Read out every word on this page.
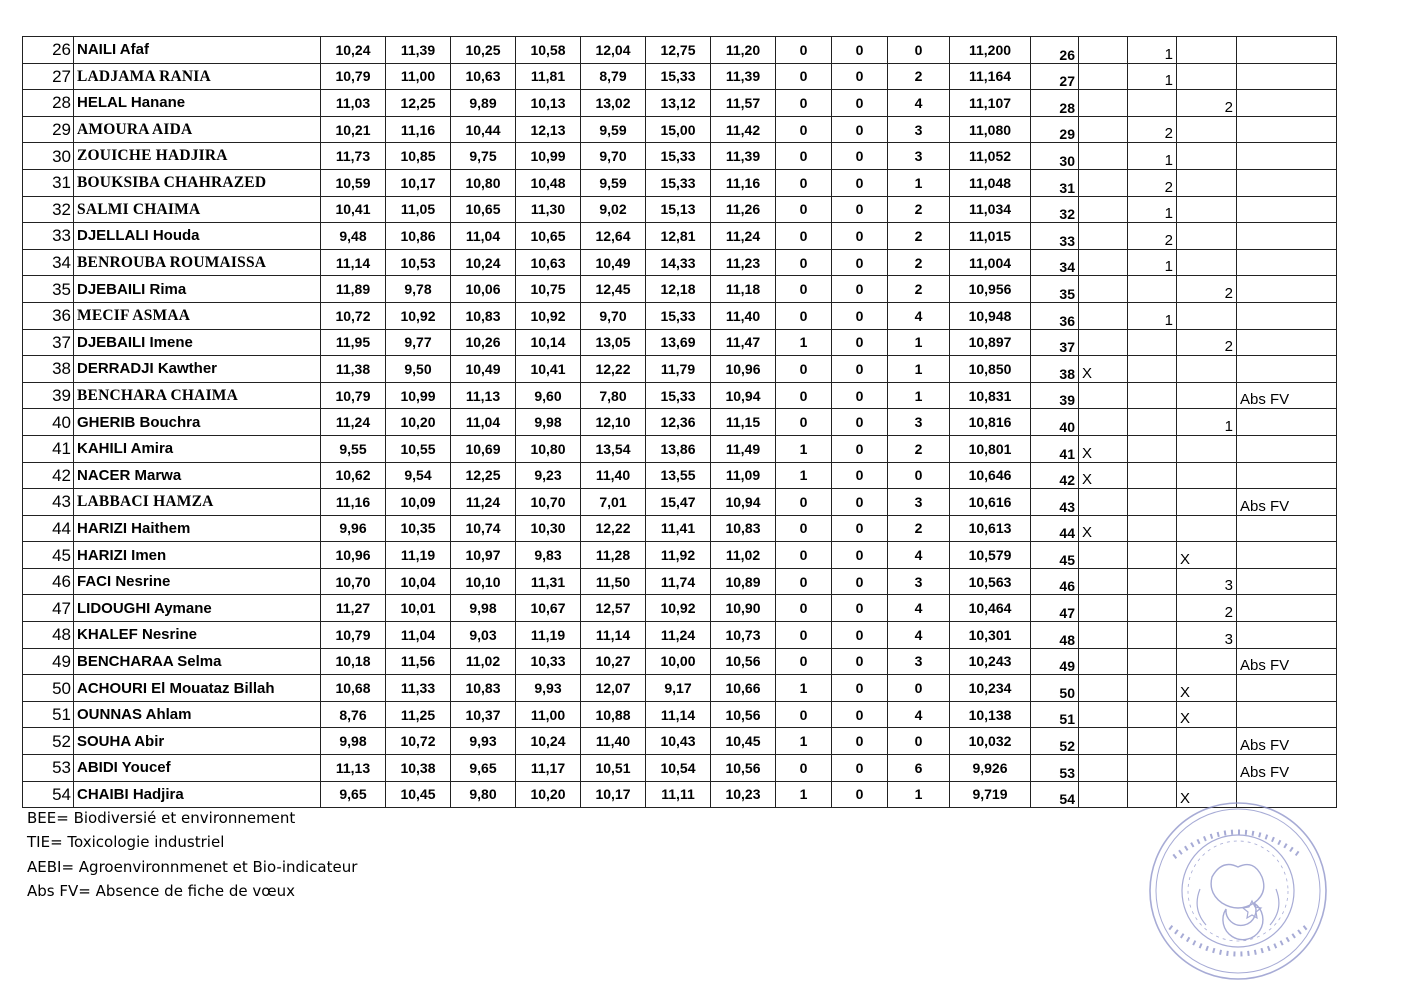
26	NAILI Afaf	10,24	11,39	10,25	10,58	12,04	12,75	11,20	0	0	0	11,200	26		1		
27	LADJAMA RANIA	10,79	11,00	10,63	11,81	8,79	15,33	11,39	0	0	2	11,164	27		1		
28	HELAL Hanane	11,03	12,25	9,89	10,13	13,02	13,12	11,57	0	0	4	11,107	28			2	
29	AMOURA AIDA	10,21	11,16	10,44	12,13	9,59	15,00	11,42	0	0	3	11,080	29		2		
30	ZOUICHE HADJIRA	11,73	10,85	9,75	10,99	9,70	15,33	11,39	0	0	3	11,052	30		1		
31	BOUKSIBA CHAHRAZED	10,59	10,17	10,80	10,48	9,59	15,33	11,16	0	0	1	11,048	31		2		
32	SALMI CHAIMA	10,41	11,05	10,65	11,30	9,02	15,13	11,26	0	0	2	11,034	32		1		
33	DJELLALI Houda	9,48	10,86	11,04	10,65	12,64	12,81	11,24	0	0	2	11,015	33		2		
34	BENROUBA ROUMAISSA	11,14	10,53	10,24	10,63	10,49	14,33	11,23	0	0	2	11,004	34		1		
35	DJEBAILI Rima	11,89	9,78	10,06	10,75	12,45	12,18	11,18	0	0	2	10,956	35			2	
36	MECIF ASMAA	10,72	10,92	10,83	10,92	9,70	15,33	11,40	0	0	4	10,948	36		1		
37	DJEBAILI Imene	11,95	9,77	10,26	10,14	13,05	13,69	11,47	1	0	1	10,897	37			2	
38	DERRADJI Kawther	11,38	9,50	10,49	10,41	12,22	11,79	10,96	0	0	1	10,850	38	X			
39	BENCHARA CHAIMA	10,79	10,99	11,13	9,60	7,80	15,33	10,94	0	0	1	10,831	39				Abs FV
40	GHERIB Bouchra	11,24	10,20	11,04	9,98	12,10	12,36	11,15	0	0	3	10,816	40			1	
41	KAHILI Amira	9,55	10,55	10,69	10,80	13,54	13,86	11,49	1	0	2	10,801	41	X			
42	NACER Marwa	10,62	9,54	12,25	9,23	11,40	13,55	11,09	1	0	0	10,646	42	X			
43	LABBACI HAMZA	11,16	10,09	11,24	10,70	7,01	15,47	10,94	0	0	3	10,616	43				Abs FV
44	HARIZI Haithem	9,96	10,35	10,74	10,30	12,22	11,41	10,83	0	0	2	10,613	44	X			
45	HARIZI Imen	10,96	11,19	10,97	9,83	11,28	11,92	11,02	0	0	4	10,579	45			X	
46	FACI Nesrine	10,70	10,04	10,10	11,31	11,50	11,74	10,89	0	0	3	10,563	46			3	
47	LIDOUGHI Aymane	11,27	10,01	9,98	10,67	12,57	10,92	10,90	0	0	4	10,464	47			2	
48	KHALEF Nesrine	10,79	11,04	9,03	11,19	11,14	11,24	10,73	0	0	4	10,301	48			3	
49	BENCHARAA Selma	10,18	11,56	11,02	10,33	10,27	10,00	10,56	0	0	3	10,243	49				Abs FV
50	ACHOURI El Mouataz Billah	10,68	11,33	10,83	9,93	12,07	9,17	10,66	1	0	0	10,234	50			X	
51	OUNNAS Ahlam	8,76	11,25	10,37	11,00	10,88	11,14	10,56	0	0	4	10,138	51			X	
52	SOUHA Abir	9,98	10,72	9,93	10,24	11,40	10,43	10,45	1	0	0	10,032	52				Abs FV
53	ABIDI Youcef	11,13	10,38	9,65	11,17	10,51	10,54	10,56	0	0	6	9,926	53				Abs FV
54	CHAIBI Hadjira	9,65	10,45	9,80	10,20	10,17	11,11	10,23	1	0	1	9,719	54			X	
BEE= Biodiversié et environnement
TIE= Toxicologie industriel
AEBI= Agroenvironnmenet et Bio-indicateur
Abs FV= Absence de fiche de vœux
